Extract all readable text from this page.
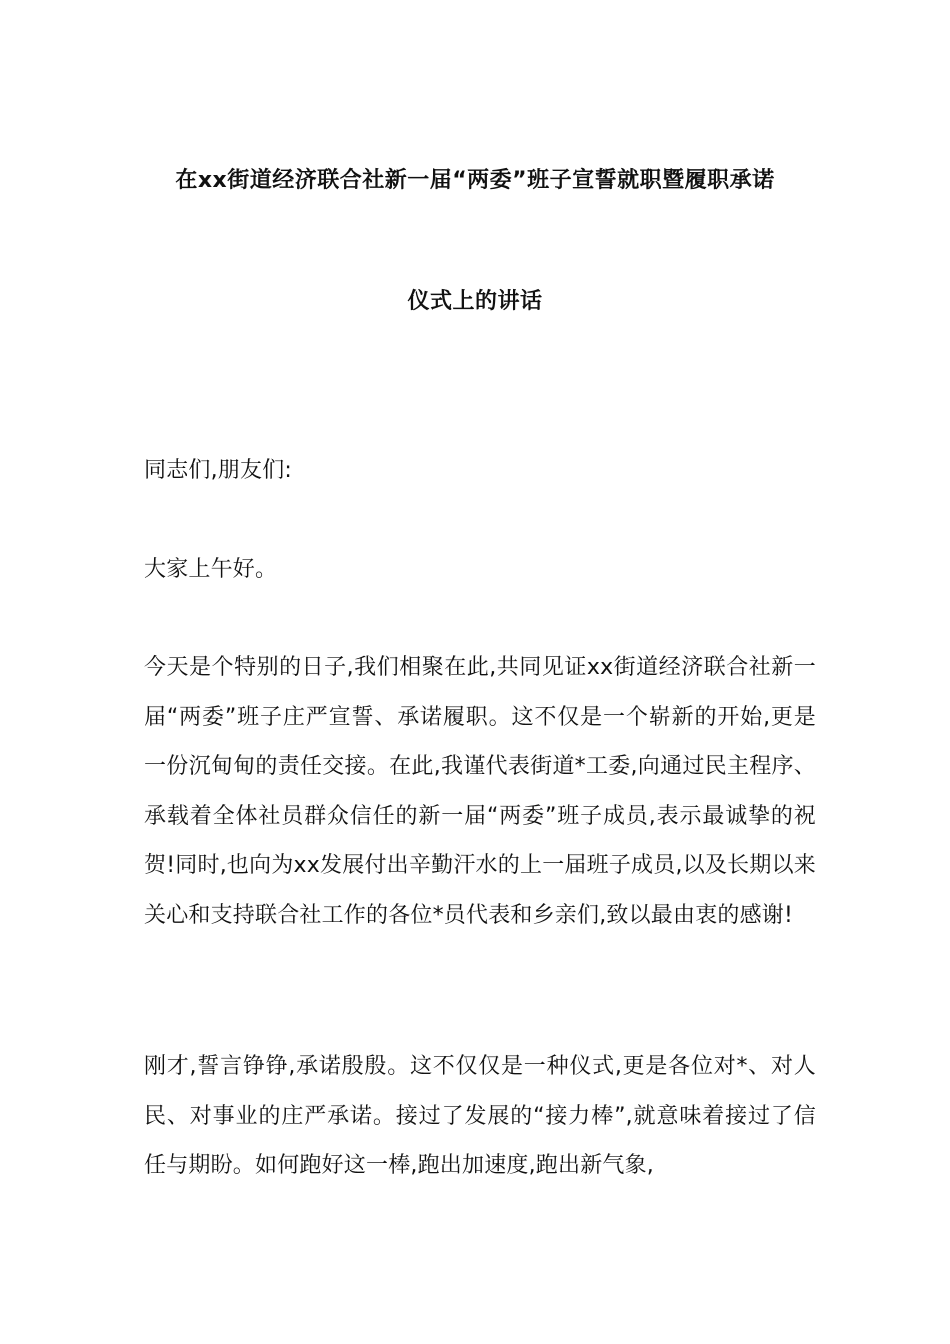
在xx街道经济联合社新一届“两委”班子宣誓就职暨履职承诺
仪式上的讲话
同志们,朋友们:
大家上午好。
今天是个特别的日子,我们相聚在此,共同见证xx街道经济联合社新一届“两委”班子庄严宣誓、承诺履职。这不仅是一个崭新的开始,更是一份沉甸甸的责任交接。在此,我谨代表街道*工委,向通过民主程序、承载着全体社员群众信任的新一届“两委”班子成员,表示最诚挚的祝贺!同时,也向为xx发展付出辛勤汗水的上一届班子成员,以及长期以来关心和支持联合社工作的各位*员代表和乡亲们,致以最由衷的感谢!
刚才,誓言铮铮,承诺殷殷。这不仅仅是一种仪式,更是各位对*、对人民、对事业的庄严承诺。接过了发展的“接力棒”,就意味着接过了信任与期盼。如何跑好这一棒,跑出加速度,跑出新气象,
